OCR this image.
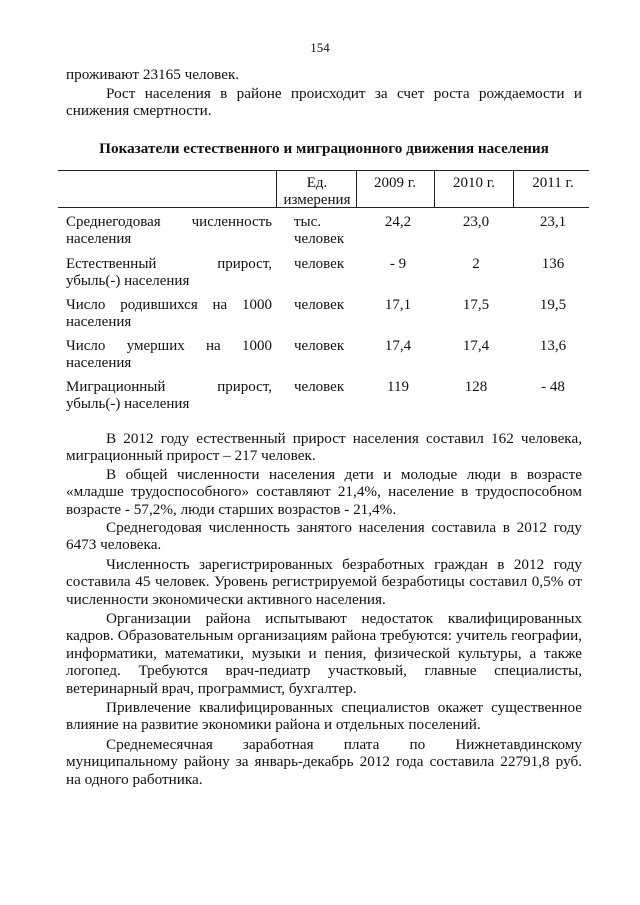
154
проживают 23165 человек.
Рост населения в районе происходит за счет роста рождаемости и снижения смертности.
Показатели естественного и миграционного движения населения
Ед. измерения
2009 г.	2010 г.	2011 г.
Среднегодовая численность
населения
тыс. человек
24,2	23,0	23,1
Естественный прирост,
убыль(-) населения
человек	- 9	2	136
Число родившихся на 1000
населения
человек	17,1	17,5	19,5
Число умерших на 1000
населения
человек	17,4	17,4	13,6
Миграционный прирост,
убыль(-) населения
человек	119	128	- 48
В 2012 году естественный прирост населения составил 162 человека, миграционный прирост – 217 человек.
В общей численности населения дети и молодые люди в возрасте «младше трудоспособного» составляют 21,4%, население в трудоспособном возрасте - 57,2%, люди старших возрастов - 21,4%.
Среднегодовая численность занятого населения составила в 2012 году 6473 человека.
Численность зарегистрированных безработных граждан в 2012 году составила 45 человек. Уровень регистрируемой безработицы составил 0,5% от численности экономически активного населения.
Организации района испытывают недостаток квалифицированных кадров. Образовательным организациям района требуются: учитель географии, информатики, математики, музыки и пения, физической культуры, а также логопед. Требуются врач-педиатр участковый, главные специалисты, ветеринарный врач, программист, бухгалтер.
Привлечение квалифицированных специалистов окажет существенное влияние на развитие экономики района и отдельных поселений.
Среднемесячная заработная плата по Нижнетавдинскому муниципальному району за январь-декабрь 2012 года составила 22791,8 руб. на одного работника.
